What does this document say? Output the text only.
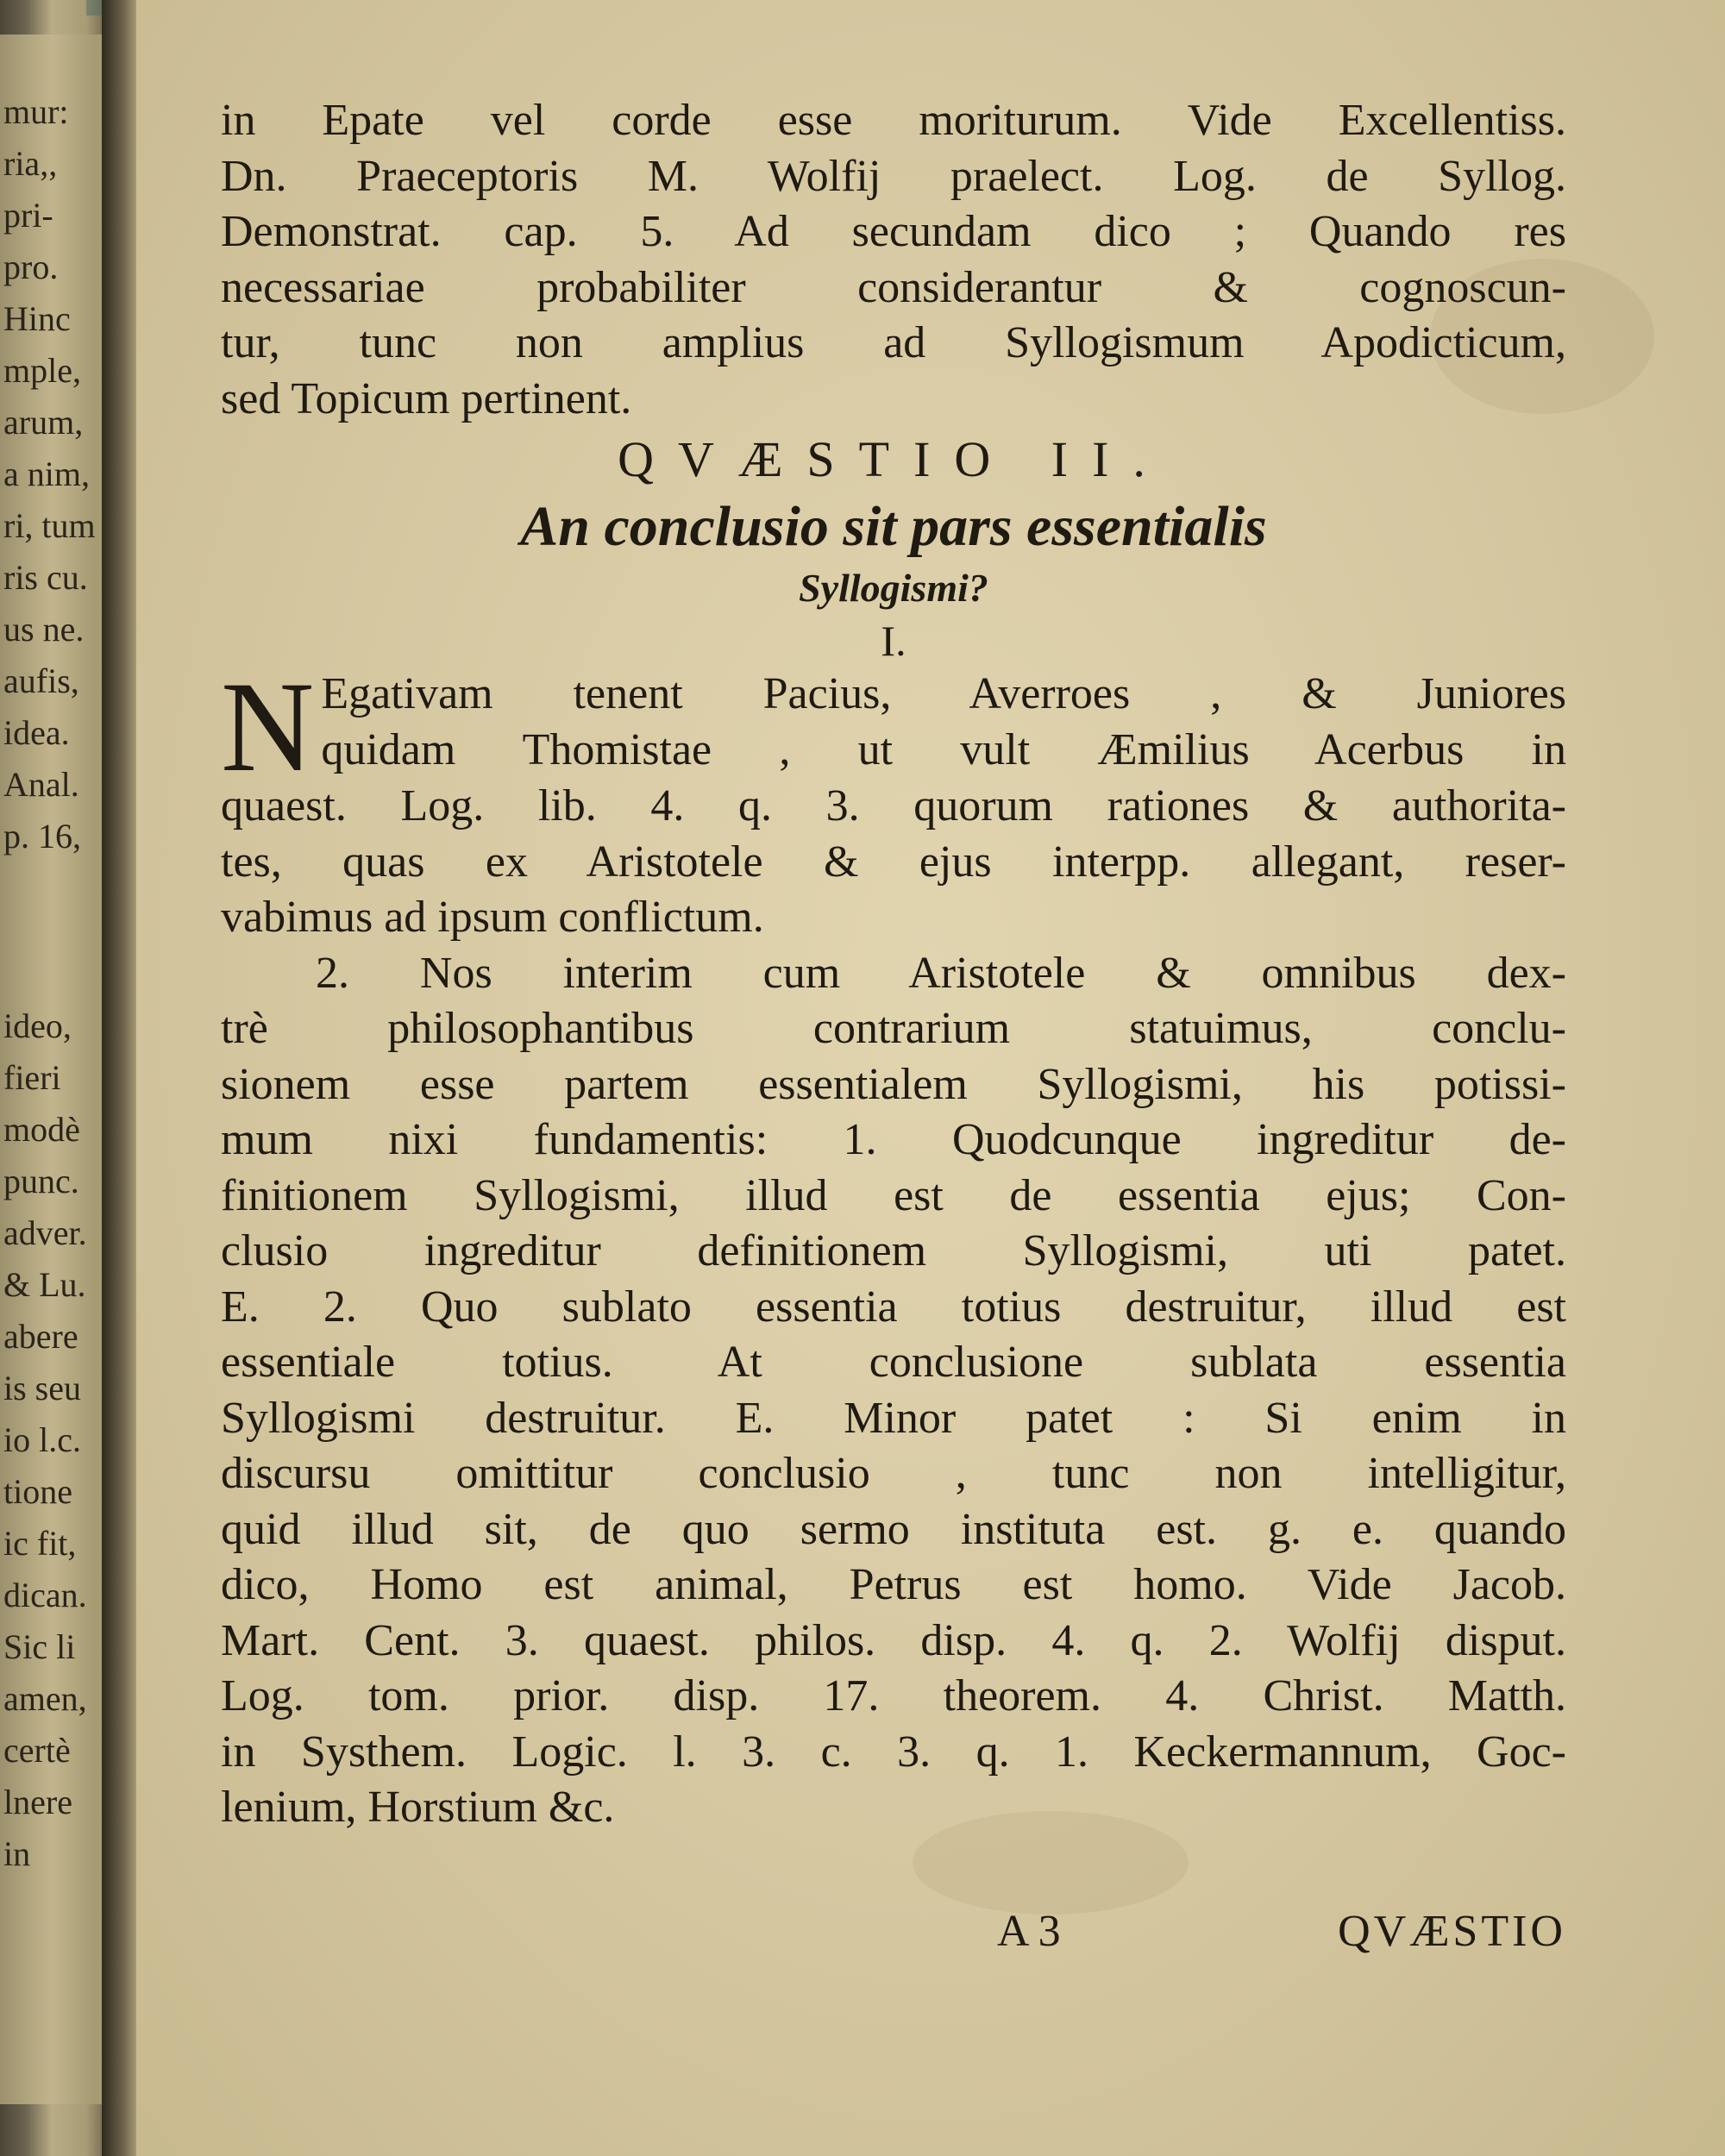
mur:
ria,,
pri-
pro.
Hinc
mple,
arum,
a nim,
ri, tum
ris cu.
us ne.
aufis,
idea.
Anal.
p. 16,
ideo,
fieri
modè
punc.
adver.
& Lu.
abere
is seu
io l.c.
tione
ic fit,
dican.
Sic li
amen,
certè
lnere
in
in Epate vel corde esse moriturum. Vide Excellentiss.
Dn. Praeceptoris M. Wolfij praelect. Log. de Syllog.
Demonstrat. cap. 5. Ad secundam dico ; Quando res
necessariae probabiliter considerantur & cognoscun-
tur, tunc non amplius ad Syllogismum Apodicticum,
sed Topicum pertinent.
QVÆSTIO II.
An conclusio sit pars essentialis
Syllogismi?
I.
N Egativam tenent Pacius, Averroes , & Juniores
quidam Thomistae , ut vult Æmilius Acerbus in
quaest. Log. lib. 4. q. 3. quorum rationes & authorita-
tes, quas ex Aristotele & ejus interpp. allegant, reser-
vabimus ad ipsum conflictum.
2. Nos interim cum Aristotele & omnibus dex-
trè philosophantibus contrarium statuimus, conclu-
sionem esse partem essentialem Syllogismi, his potissi-
mum nixi fundamentis: 1. Quodcunque ingreditur de-
finitionem Syllogismi, illud est de essentia ejus; Con-
clusio ingreditur definitionem Syllogismi, uti patet.
E. 2. Quo sublato essentia totius destruitur, illud est
essentiale totius. At conclusione sublata essentia
Syllogismi destruitur. E. Minor patet : Si enim in
discursu omittitur conclusio , tunc non intelligitur,
quid illud sit, de quo sermo instituta est. g. e. quando
dico, Homo est animal, Petrus est homo. Vide Jacob.
Mart. Cent. 3. quaest. philos. disp. 4. q. 2. Wolfij disput.
Log. tom. prior. disp. 17. theorem. 4. Christ. Matth.
in Systhem. Logic. l. 3. c. 3. q. 1. Keckermannum, Goc-
lenium, Horstium &c.
A 3	QVÆSTIO
